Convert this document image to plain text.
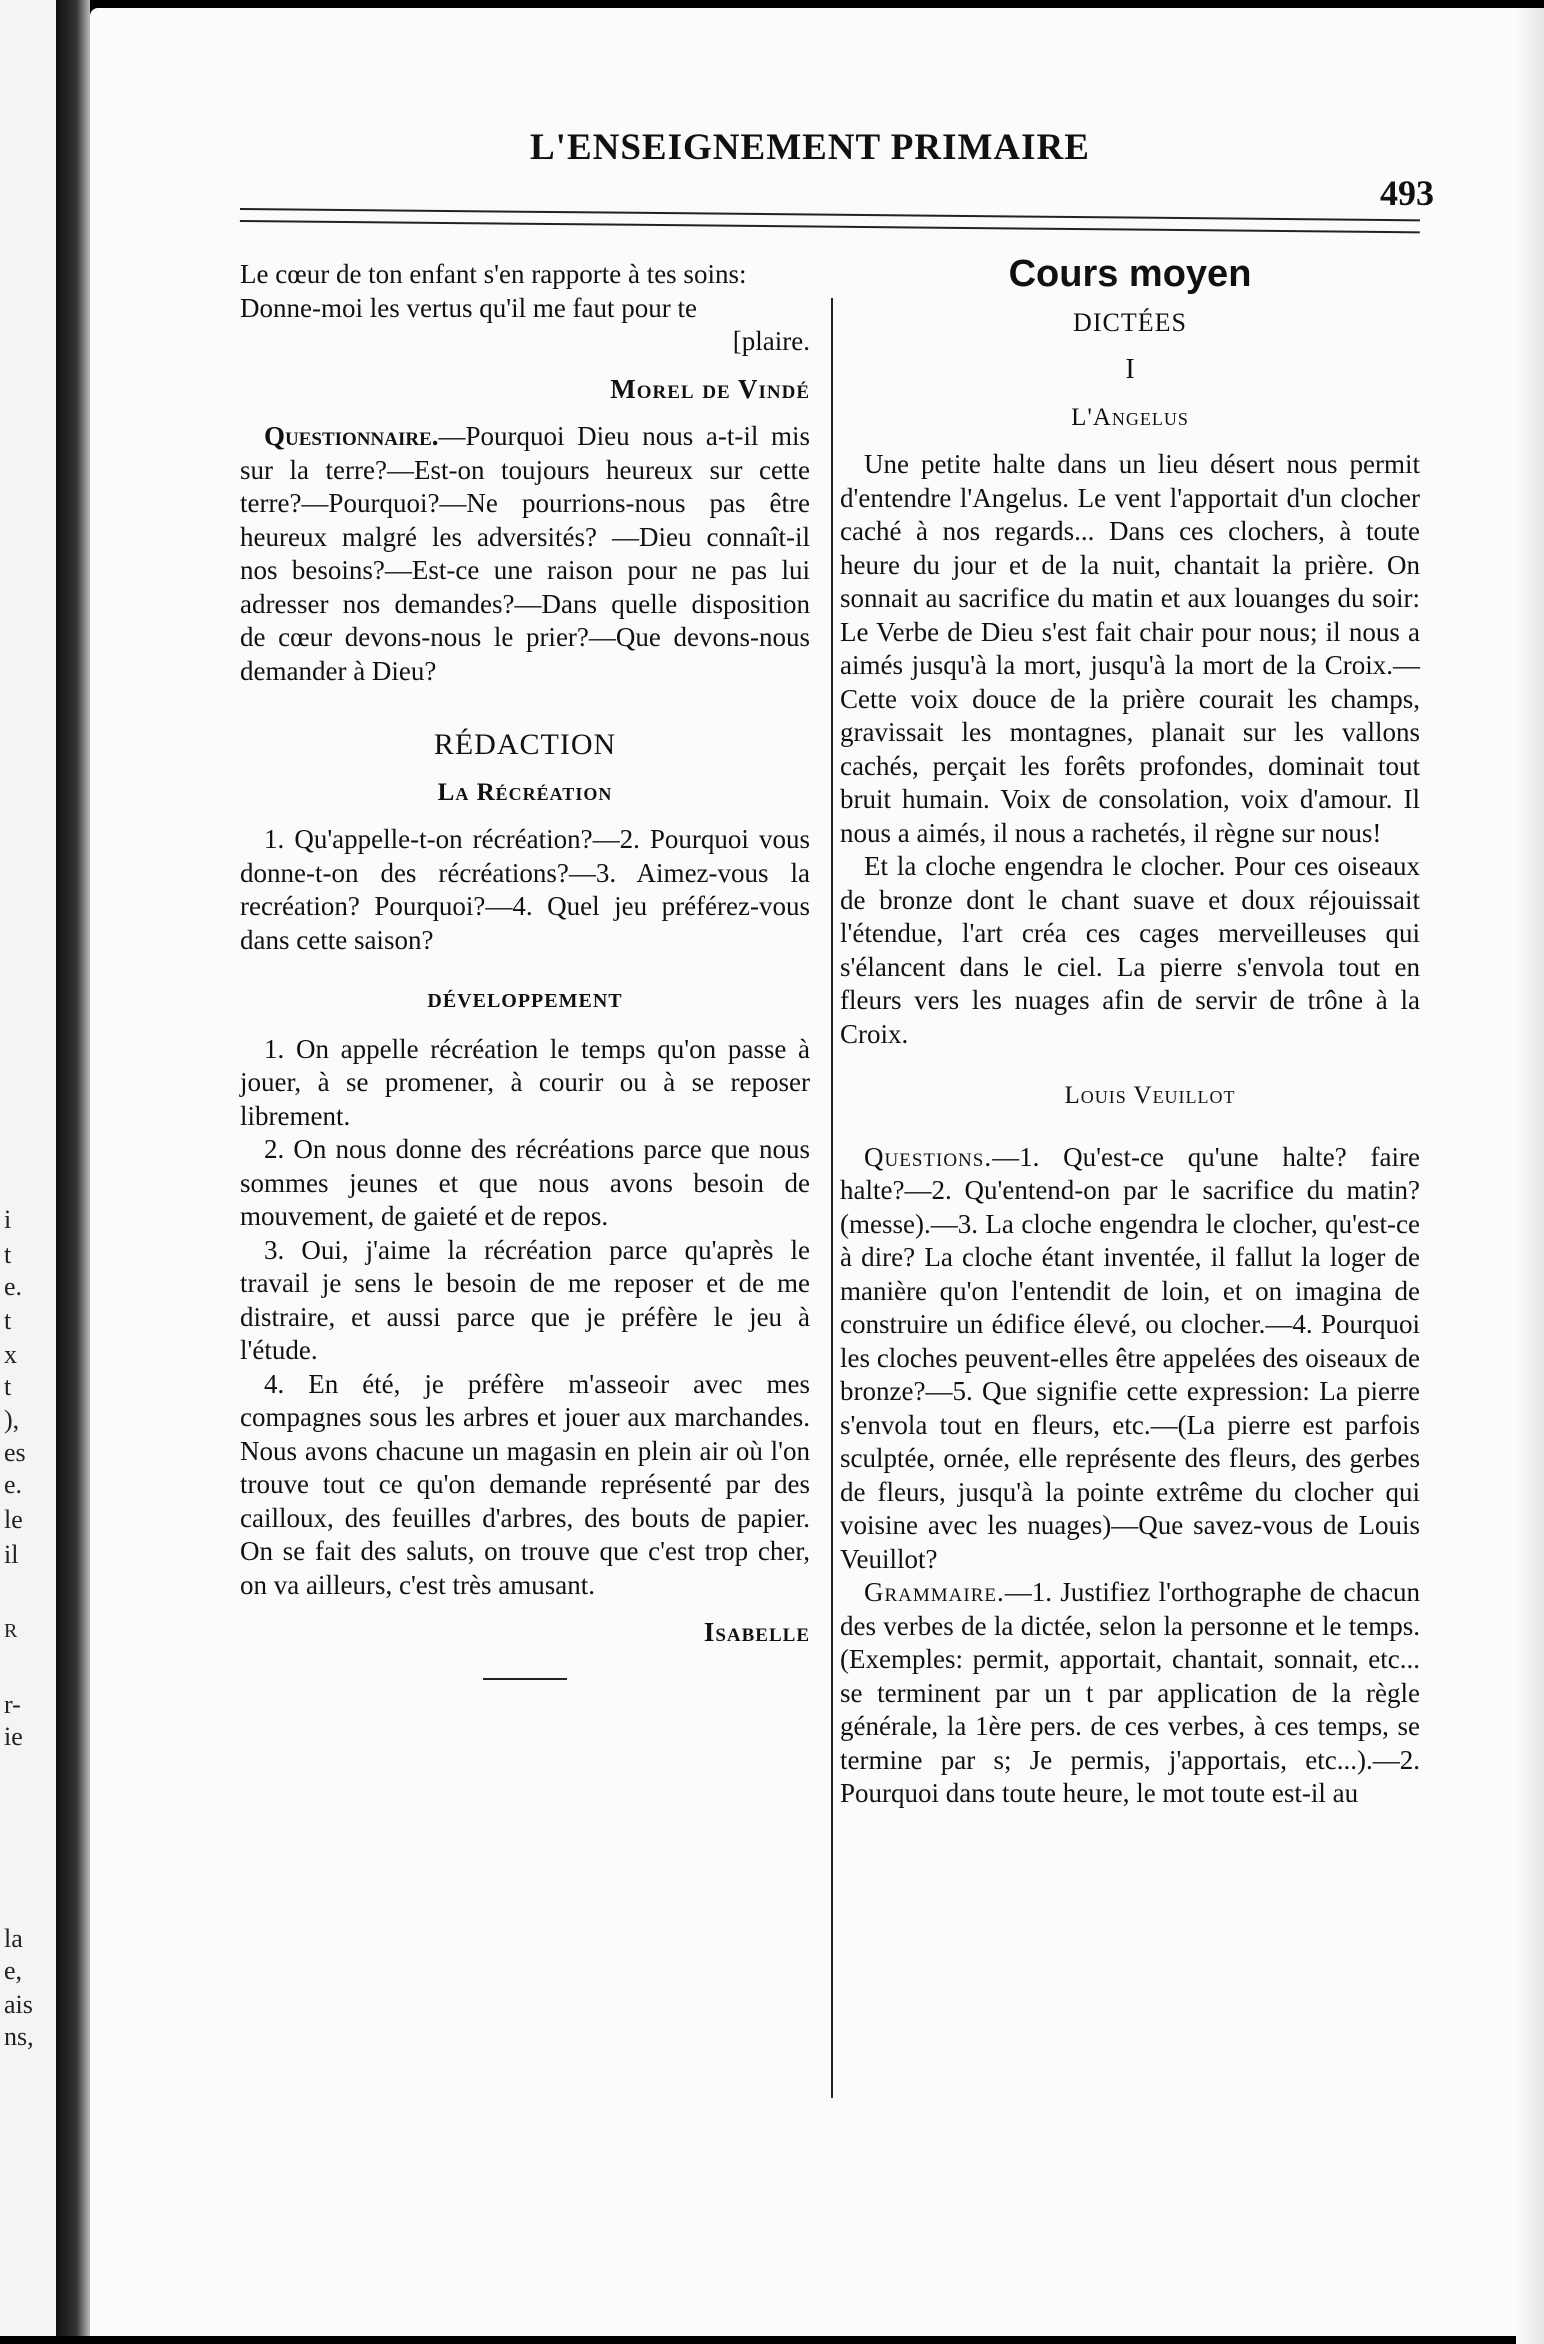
i
t
e.
t
x
t
),
es
e.
le
il
R
r-
ie
la
e,
ais
ns,
L'ENSEIGNEMENT PRIMAIRE
493

Le cœur de ton enfant s'en rapporte à tes soins:

Donne-moi les vertus qu'il me faut pour te

[plaire.

Morel de Vindé

Questionnaire.—Pourquoi Dieu nous a-t-il mis sur la terre?—Est-on toujours heureux sur cette terre?—Pourquoi?—Ne pourrions-nous pas être heureux malgré les adversités? —Dieu connaît-il nos besoins?—Est-ce une raison pour ne pas lui adresser nos demandes?—Dans quelle disposition de cœur devons-nous le prier?—Que devons-nous demander à Dieu?

RÉDACTION

La Récréation

1. Qu'appelle-t-on récréation?—2. Pourquoi vous donne-t-on des récréations?—3. Aimez-vous la recréation? Pourquoi?—4. Quel jeu préférez-vous dans cette saison?

DÉVELOPPEMENT

1. On appelle récréation le temps qu'on passe à jouer, à se promener, à courir ou à se reposer librement.

2. On nous donne des récréations parce que nous sommes jeunes et que nous avons besoin de mouvement, de gaieté et de repos.

3. Oui, j'aime la récréation parce qu'après le travail je sens le besoin de me reposer et de me distraire, et aussi parce que je préfère le jeu à l'étude.

4. En été, je préfère m'asseoir avec mes compagnes sous les arbres et jouer aux marchandes. Nous avons chacune un magasin en plein air où l'on trouve tout ce qu'on demande représenté par des cailloux, des feuilles d'arbres, des bouts de papier. On se fait des saluts, on trouve que c'est trop cher, on va ailleurs, c'est très amusant.

Isabelle

Cours moyen

DICTÉES

I

L'Angelus

Une petite halte dans un lieu désert nous permit d'entendre l'Angelus. Le vent l'apportait d'un clocher caché à nos regards... Dans ces clochers, à toute heure du jour et de la nuit, chantait la prière. On sonnait au sacrifice du matin et aux louanges du soir: Le Verbe de Dieu s'est fait chair pour nous; il nous a aimés jusqu'à la mort, jusqu'à la mort de la Croix.—Cette voix douce de la prière courait les champs, gravissait les montagnes, planait sur les vallons cachés, perçait les forêts profondes, dominait tout bruit humain. Voix de consolation, voix d'amour. Il nous a aimés, il nous a rachetés, il règne sur nous!

Et la cloche engendra le clocher. Pour ces oiseaux de bronze dont le chant suave et doux réjouissait l'étendue, l'art créa ces cages merveilleuses qui s'élancent dans le ciel. La pierre s'envola tout en fleurs vers les nuages afin de servir de trône à la Croix.

Louis Veuillot

Questions.—1. Qu'est-ce qu'une halte? faire halte?—2. Qu'entend-on par le sacrifice du matin? (messe).—3. La cloche engendra le clocher, qu'est-ce à dire? La cloche étant inventée, il fallut la loger de manière qu'on l'entendit de loin, et on imagina de construire un édifice élevé, ou clocher.—4. Pourquoi les cloches peuvent-elles être appelées des oiseaux de bronze?—5. Que signifie cette expression: La pierre s'envola tout en fleurs, etc.—(La pierre est parfois sculptée, ornée, elle représente des fleurs, des gerbes de fleurs, jusqu'à la pointe extrême du clocher qui voisine avec les nuages)—Que savez-vous de Louis Veuillot?

Grammaire.—1. Justifiez l'orthographe de chacun des verbes de la dictée, selon la personne et le temps. (Exemples: permit, apportait, chantait, sonnait, etc... se terminent par un t par application de la règle générale, la 1ère pers. de ces verbes, à ces temps, se termine par s; Je permis, j'apportais, etc...).—2. Pourquoi dans toute heure, le mot toute est-il au
